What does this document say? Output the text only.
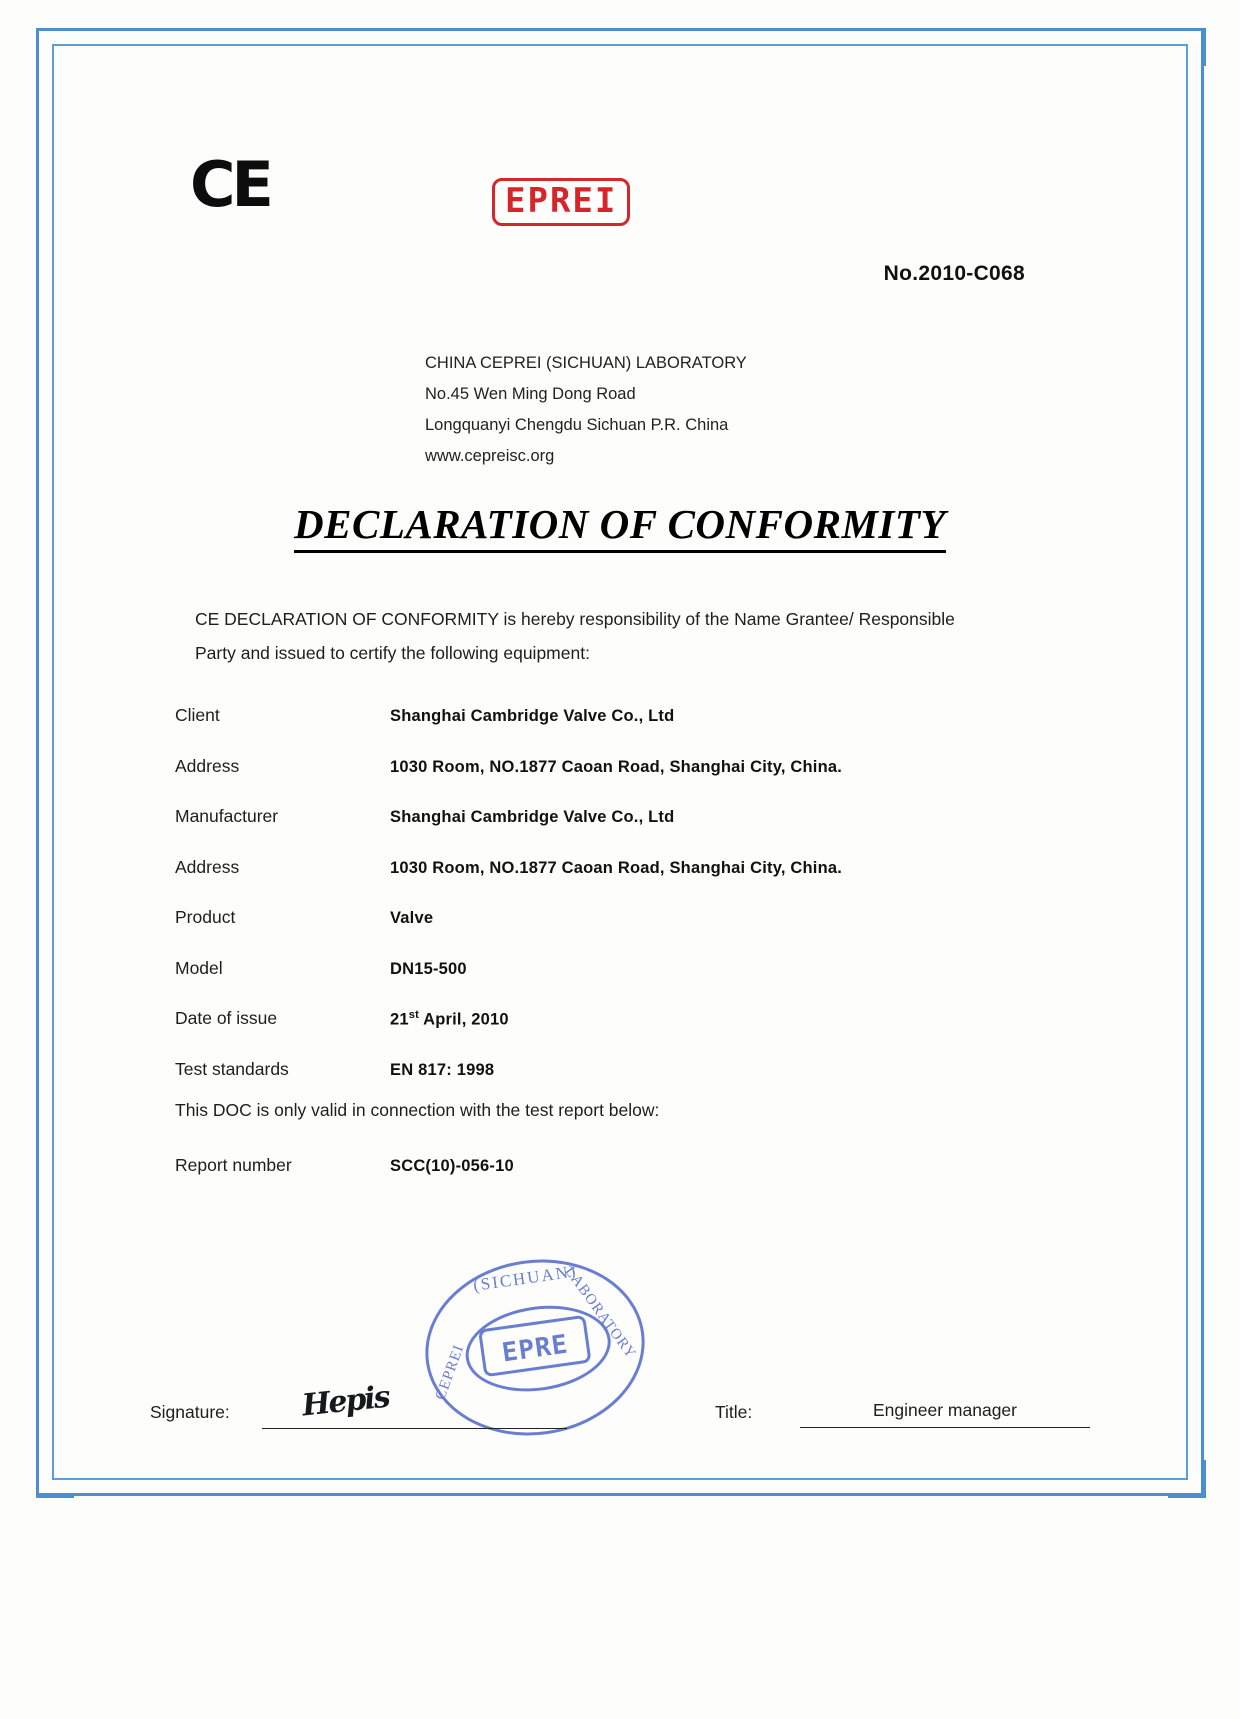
CE	EPREI
No.2010-C068
CHINA CEPREI (SICHUAN) LABORATORY
No.45 Wen Ming Dong Road
Longquanyi Chengdu Sichuan P.R. China
www.cepreisc.org
DECLARATION OF CONFORMITY
CE DECLARATION OF CONFORMITY is hereby responsibility of the Name Grantee/ Responsible Party and issued to certify the following equipment:
Client	Shanghai Cambridge Valve Co., Ltd
Address	1030 Room, NO.1877 Caoan Road, Shanghai City, China.
Manufacturer	Shanghai Cambridge Valve Co., Ltd
Address	1030 Room, NO.1877 Caoan Road, Shanghai City, China.
Product	Valve
Model	DN15-500
Date of issue	21st April, 2010
Test standards	EN 817: 1998
This DOC is only valid in connection with the test report below:
Report number	SCC(10)-056-10
(SICHUAN)
CEPREI
LABORATORY
EPRE
Signature: Hepis	Title:	Engineer manager
